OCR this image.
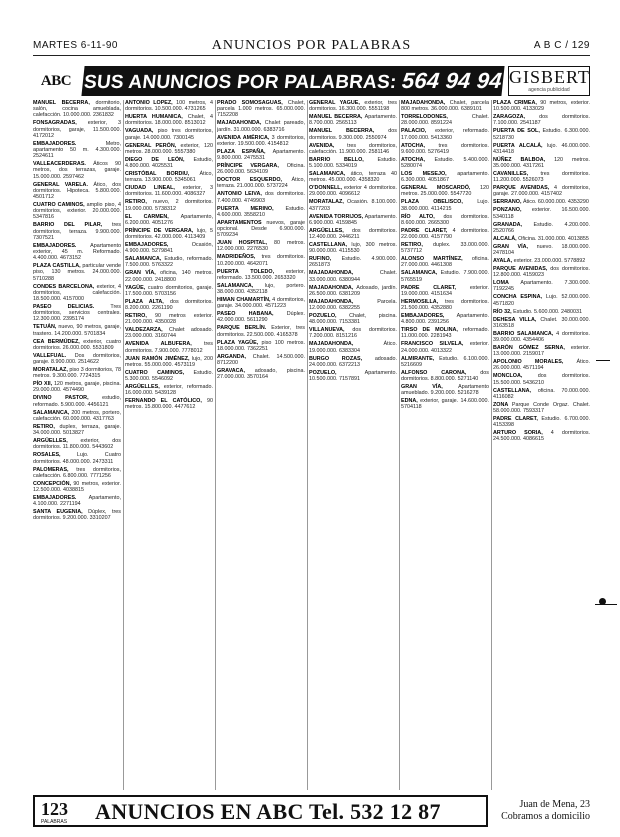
MARTES 6-11-90	ANUNCIOS POR PALABRAS	A B C / 129
ABC SUS ANUNCIOS POR PALABRAS: 564 94 94 GISBERT
agencia publicidad

MANUEL BECERRA, dormitorio, salón, cocina amueblada, calefacción. 10.000.000. 2361832

FONSAGRADAS, exterior, 3 dormitorios, garaje, 11.500.000. 4172012

EMBAJADORES. Metro, apartamento 50 m. 4.300.000. 2524611

VALLEACERDERAS. Áticos 90 metros, dos terrazas, garaje. 15.000.000. 2597462

GENERAL VARELA. Ático, dos dormitorios. Hipoteca. 5.800.000. 4501712

CUATRO CAMINOS, amplio piso, 4 dormitorios, exterior. 20.000.000. 5347816

BARRIO DEL PILAR, tres dormitorios, terraza. 9.900.000. 7307521

EMBAJADORES. Apartamento exterior, 45 m. Reformado. 4.400.000. 4673152

PLAZA CASTILLA, particular vende piso, 130 metros. 24.000.000. 5710288

CONDES BARCELONA, exterior, 4 dormitorios, calefacción. 18.500.000. 4157000

PASEO DELICIAS. Tres dormitorios, servicios centrales. 12.300.000. 2395174

TETUÁN, nuevo, 90 metros, garaje, trastero. 14.200.000. 5701834

CEA BERMÚDEZ, exterior, cuatro dormitorios. 26.000.000. 5531809

VALLEFUAL. Dos dormitorios, garaje. 8.900.000. 2514622

MORATALAZ, piso 3 dormitorios, 78 metros. 9.300.000. 7724315

PÍO XII, 120 metros, garaje, piscina. 29.000.000. 4574490

DIVINO PASTOR, estudio, reformado. 5.900.000. 4456121

SALAMANCA, 200 metros, portero, calefacción. 60.000.000. 4317763

RETIRO, duplex, terraza, garaje. 34.000.000. 5013827

ARGÜELLES, exterior, dos dormitorios. 11.800.000. 5443602

ROSALES, Lujo. Cuatro dormitorios. 48.000.000. 2473311

PALOMERAS, tres dormitorios, calefacción. 6.800.000. 7771256

CONCEPCIÓN, 90 metros, exterior. 12.500.000. 4038815

EMBAJADORES. Apartamento, 4.100.000. 2271194

SANTA EUGENIA, Dúplex, tres dormitorios. 9.200.000. 3310207

ANTONIO LÓPEZ, 100 metros, 4 dormitorios. 10.500.000. 4731265

HUERTA HUMANICA, Chalet, 4 dormitorios. 18.000.000. 8513012

VAGUADA, piso tres dormitorios, garaje. 14.000.000. 7300145

GENERAL PERÓN, exterior, 120 metros. 28.000.000. 5557380

DIEGO DE LEÓN, Estudio, 4.800.000. 4025531

CRISTÓBAL BORDIU, Ático, terraza. 13.900.000. 5345061

CIUDAD LINEAL, exterior, 3 dormitorios. 11.600.000. 4086327

RETIRO, nuevo, 2 dormitorios. 19.000.000. 5738312

EL CARMEN, Apartamento, 6.200.000. 4051276

PRÍNCIPE DE VERGARA, lujo, 5 dormitorios. 42.000.000. 4113409

EMBAJADORES, Ocasión, 4.900.000. 5279841

SALAMANCA, Estudio, reformado. 7.500.000. 5763322

GRAN VÍA, oficina, 140 metros. 22.000.000. 2418800

YAGÜE, cuatro dormitorios, garaje. 17.500.000. 5703156

PLAZA ALTA, dos dormitorios. 8.200.000. 2261190

RETIRO, 90 metros exterior. 21.000.000. 4350028

VALDEZARZA, Chalet adosado. 23.000.000. 3160744

AVENIDA ALBUFERA, tres dormitorios. 7.900.000. 7778012

JUAN RAMÓN JIMÉNEZ, lujo, 200 metros. 55.000.000. 4573119

CUATRO CAMINOS, Estudio. 5.300.000. 5546092

ARGÜELLES, exterior, reformado. 16.000.000. 5439128

FERNANDO EL CATÓLICO, 90 metros. 15.800.000. 4477612

PRADO SOMOSAGUAS, Chalet, parcela 1.000 metros. 65.000.000. 7152208

MAJADAHONDA, Chalet pareado, jardín. 31.000.000. 6383716

AVENIDA AMÉRICA, 3 dormitorios, exterior. 19.500.000. 4154812

PLAZA ESPAÑA, Apartamento. 9.800.000. 2475531

PRÍNCIPE VERGARA, Oficina. 26.000.000. 5634109

DOCTOR ESQUERDO, Ático, terraza. 21.000.000. 5737224

ANTONIO LEIVA, dos dormitorios. 7.400.000. 4749903

PUERTA MERINO, Estudio. 4.600.000. 3558210

APARTAMENTOS nuevos, garaje opcional. Desde 6.900.000. 5709234

JUAN HOSPITAL, 80 metros. 12.000.000. 2276530

MADRIDEÑOS, tres dormitorios. 10.200.000. 4642071

PUERTA TOLEDO, exterior, reformado. 13.500.000. 2653320

SALAMANCA, lujo, portero. 38.000.000. 4352118

HIMAN CHAMARTÍN, 4 dormitorios, garaje. 34.000.000. 4571223

PASEO HABANA, Dúplex. 42.000.000. 5611290

PARQUE BERLÍN. Exterior, tres dormitorios. 22.500.000. 4165378

PLAZA YAGÜE, piso 100 metros. 18.000.000. 7362251

ARGANDA, Chalet. 14.500.000. 8712200

GRAVACA, adosado, piscina. 27.000.000. 3570164

GENERAL YAGÜE, exterior, tres dormitorios. 16.300.000. 5551198

MANUEL BECERRA, Apartamento. 8.700.000. 2565113

MANUEL BECERRA, dos dormitorios. 9.300.000. 2550974

AVENIDA, tres dormitorios, calefacción. 11.900.000. 2581146

BARRIO BELLO, Estudio. 5.100.000. 5334019

SALAMANCA, ático, terraza 40 metros. 45.000.000. 4358320

O'DONNELL, exterior 4 dormitorios. 29.000.000. 4096612

MORATALAZ, Ocasión. 8.100.000. 4377203

AVENIDA TORRIJOS, Apartamento. 6.900.000. 4159845

ARGÜELLES, dos dormitorios. 12.400.000. 2446211

CASTELLANA, lujo, 300 metros. 90.000.000. 4115530

RUFINO, Estudio. 4.900.000. 2651873

MAJADAHONDA, Chalet. 33.000.000. 6380944

MAJADAHONDA, Adosado, jardín. 26.500.000. 6381209

MAJADAHONDA, Parcela. 12.000.000. 6382255

POZUELO, Chalet, piscina. 48.000.000. 7153381

VILLANUEVA, dos dormitorios. 7.200.000. 8151216

MAJADAHONDA, Ático. 19.000.000. 6383304

BURGO ROZAS, adosado. 24.000.000. 6372213

POZUELO, Apartamento. 10.500.000. 7157891

MAJADAHONDA, Chalet, parcela 800 metros. 36.000.000. 6389101

TORRELODONES, Chalet. 28.000.000. 8591224

PALACIO, exterior, reformado. 17.000.000. 5413360

ATOCHA, tres dormitorios. 9.600.000. 5276419

ATOCHA, Estudio. 5.400.000. 5280074

LOS MESEJO, apartamento. 6.300.000. 4051867

GENERAL MOSCARDÓ, 120 metros. 25.000.000. 5547720

PLAZA OBELISCO, Lujo. 38.000.000. 4114215

RÍO ALTO, dos dormitorios. 8.600.000. 2665300

PADRE CLARET, 4 dormitorios. 22.000.000. 4157790

RETIRO, duplex. 33.000.000. 5737712

ALONSO MARTÍNEZ, oficina. 27.000.000. 4461308

SALAMANCA, Estudio. 7.900.000. 5765519

PADRE CLARET, exterior. 19.000.000. 4151634

HERMOSILLA, tres dormitorios. 21.500.000. 4352880

EMBAJADORES, Apartamento. 4.800.000. 2391256

TIRSO DE MOLINA, reformado. 11.000.000. 2281943

FRANCISCO SILVELA, exterior. 24.000.000. 4013322

ALMIRANTE, Estudio. 6.100.000. 5216609

ALFONSO CARONA, dos dormitorios. 8.800.000. 5271140

GRAN VÍA, Apartamento amueblado. 9.200.000. 5216278

EDNA, exterior, garaje. 14.600.000. 5704118

PLAZA CRIMEA, 90 metros, exterior. 10.500.000. 4133029

ZARAGOZA, dos dormitorios. 7.100.000. 2541187

PUERTA DE SOL, Estudio. 6.300.000. 5218730

PUERTA ALCALÁ, lujo. 46.000.000. 4314418

NÚÑEZ BALBOA, 120 metros. 35.000.000. 4317261

CAVANILLES, tres dormitorios. 11.200.000. 5526073

PARQUE AVENIDAS, 4 dormitorios, garaje. 27.000.000. 4157402

SERRANO, Ático. 60.000.000. 4353290

PONZANO, exterior. 16.500.000. 5340118

GRANADA, Estudio. 4.200.000. 2520766

ALCALÁ, Oficina. 31.000.000. 4013855

GRAN VÍA, nuevo. 18.000.000. 2478104

AYALA, exterior. 23.000.000. 5778892

PARQUE AVENIDAS, dos dormitorios. 12.800.000. 4159023

LOMA Apartamento. 7.300.000. 7192245

CONCHA ESPINA, Lujo. 52.000.000. 4571820

RÍO 32, Estudio. 5.600.000. 2480031

DEHESA VILLA, Chalet. 30.000.000. 3163518

BARRIO SALAMANCA, 4 dormitorios. 39.000.000. 4354406

BARÓN GÓMEZ SERNA, exterior. 13.000.000. 2159017

APOLONIO MORALES, Ático. 26.000.000. 4571194

MONCLOA, dos dormitorios. 15.500.000. 5436210

CASTELLANA, oficina. 70.000.000. 4116082

ZONA Parque Conde Orgaz. Chalet. 58.000.000. 7593317

PADRE CLARET, Estudio. 6.700.000. 4153398

ARTURO SORIA, 4 dormitorios. 24.500.000. 4086615

123
PALABRAS ANUNCIOS EN ABC Tel. 532 12 87	Juan de Mena, 23
Cobramos a domicilio
